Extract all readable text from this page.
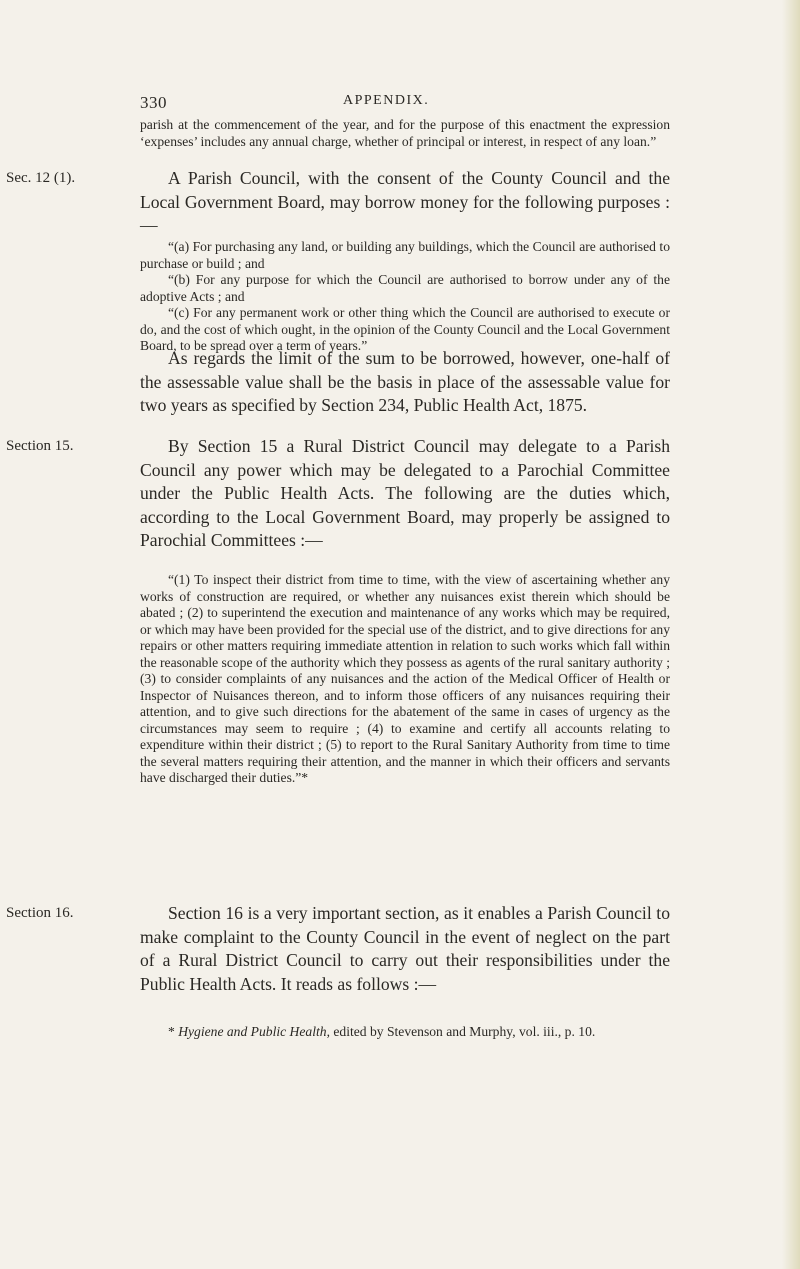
330	APPENDIX.

parish at the commencement of the year, and for the purpose of this enactment the expression ‘expenses’ includes any annual charge, whether of principal or interest, in respect of any loan.”

Sec. 12 (1).	A Parish Council, with the consent of the County Council and the Local Government Board, may borrow money for the following purposes :—

“(a) For purchasing any land, or building any buildings, which the Council are authorised to purchase or build ; and

“(b) For any purpose for which the Council are authorised to borrow under any of the adoptive Acts ; and

“(c) For any permanent work or other thing which the Council are authorised to execute or do, and the cost of which ought, in the opinion of the County Council and the Local Government Board, to be spread over a term of years.”

As regards the limit of the sum to be borrowed, however, one-half of the assessable value shall be the basis in place of the assessable value for two years as specified by Section 234, Public Health Act, 1875.

Section 15.	By Section 15 a Rural District Council may delegate to a Parish Council any power which may be delegated to a Parochial Committee under the Public Health Acts. The following are the duties which, according to the Local Government Board, may properly be assigned to Parochial Committees :—

“(1) To inspect their district from time to time, with the view of ascertaining whether any works of construction are required, or whether any nuisances exist therein which should be abated ; (2) to superintend the execution and maintenance of any works which may be required, or which may have been provided for the special use of the district, and to give directions for any repairs or other matters requiring immediate attention in relation to such works which fall within the reasonable scope of the authority which they possess as agents of the rural sanitary authority ; (3) to consider complaints of any nuisances and the action of the Medical Officer of Health or Inspector of Nuisances thereon, and to inform those officers of any nuisances requiring their attention, and to give such directions for the abatement of the same in cases of urgency as the circumstances may seem to require ; (4) to examine and certify all accounts relating to expenditure within their district ; (5) to report to the Rural Sanitary Authority from time to time the several matters requiring their attention, and the manner in which their officers and servants have discharged their duties.”*

Section 16.	Section 16 is a very important section, as it enables a Parish Council to make complaint to the County Council in the event of neglect on the part of a Rural District Council to carry out their responsibilities under the Public Health Acts. It reads as follows :—

* Hygiene and Public Health, edited by Stevenson and Murphy, vol. iii., p. 10.
